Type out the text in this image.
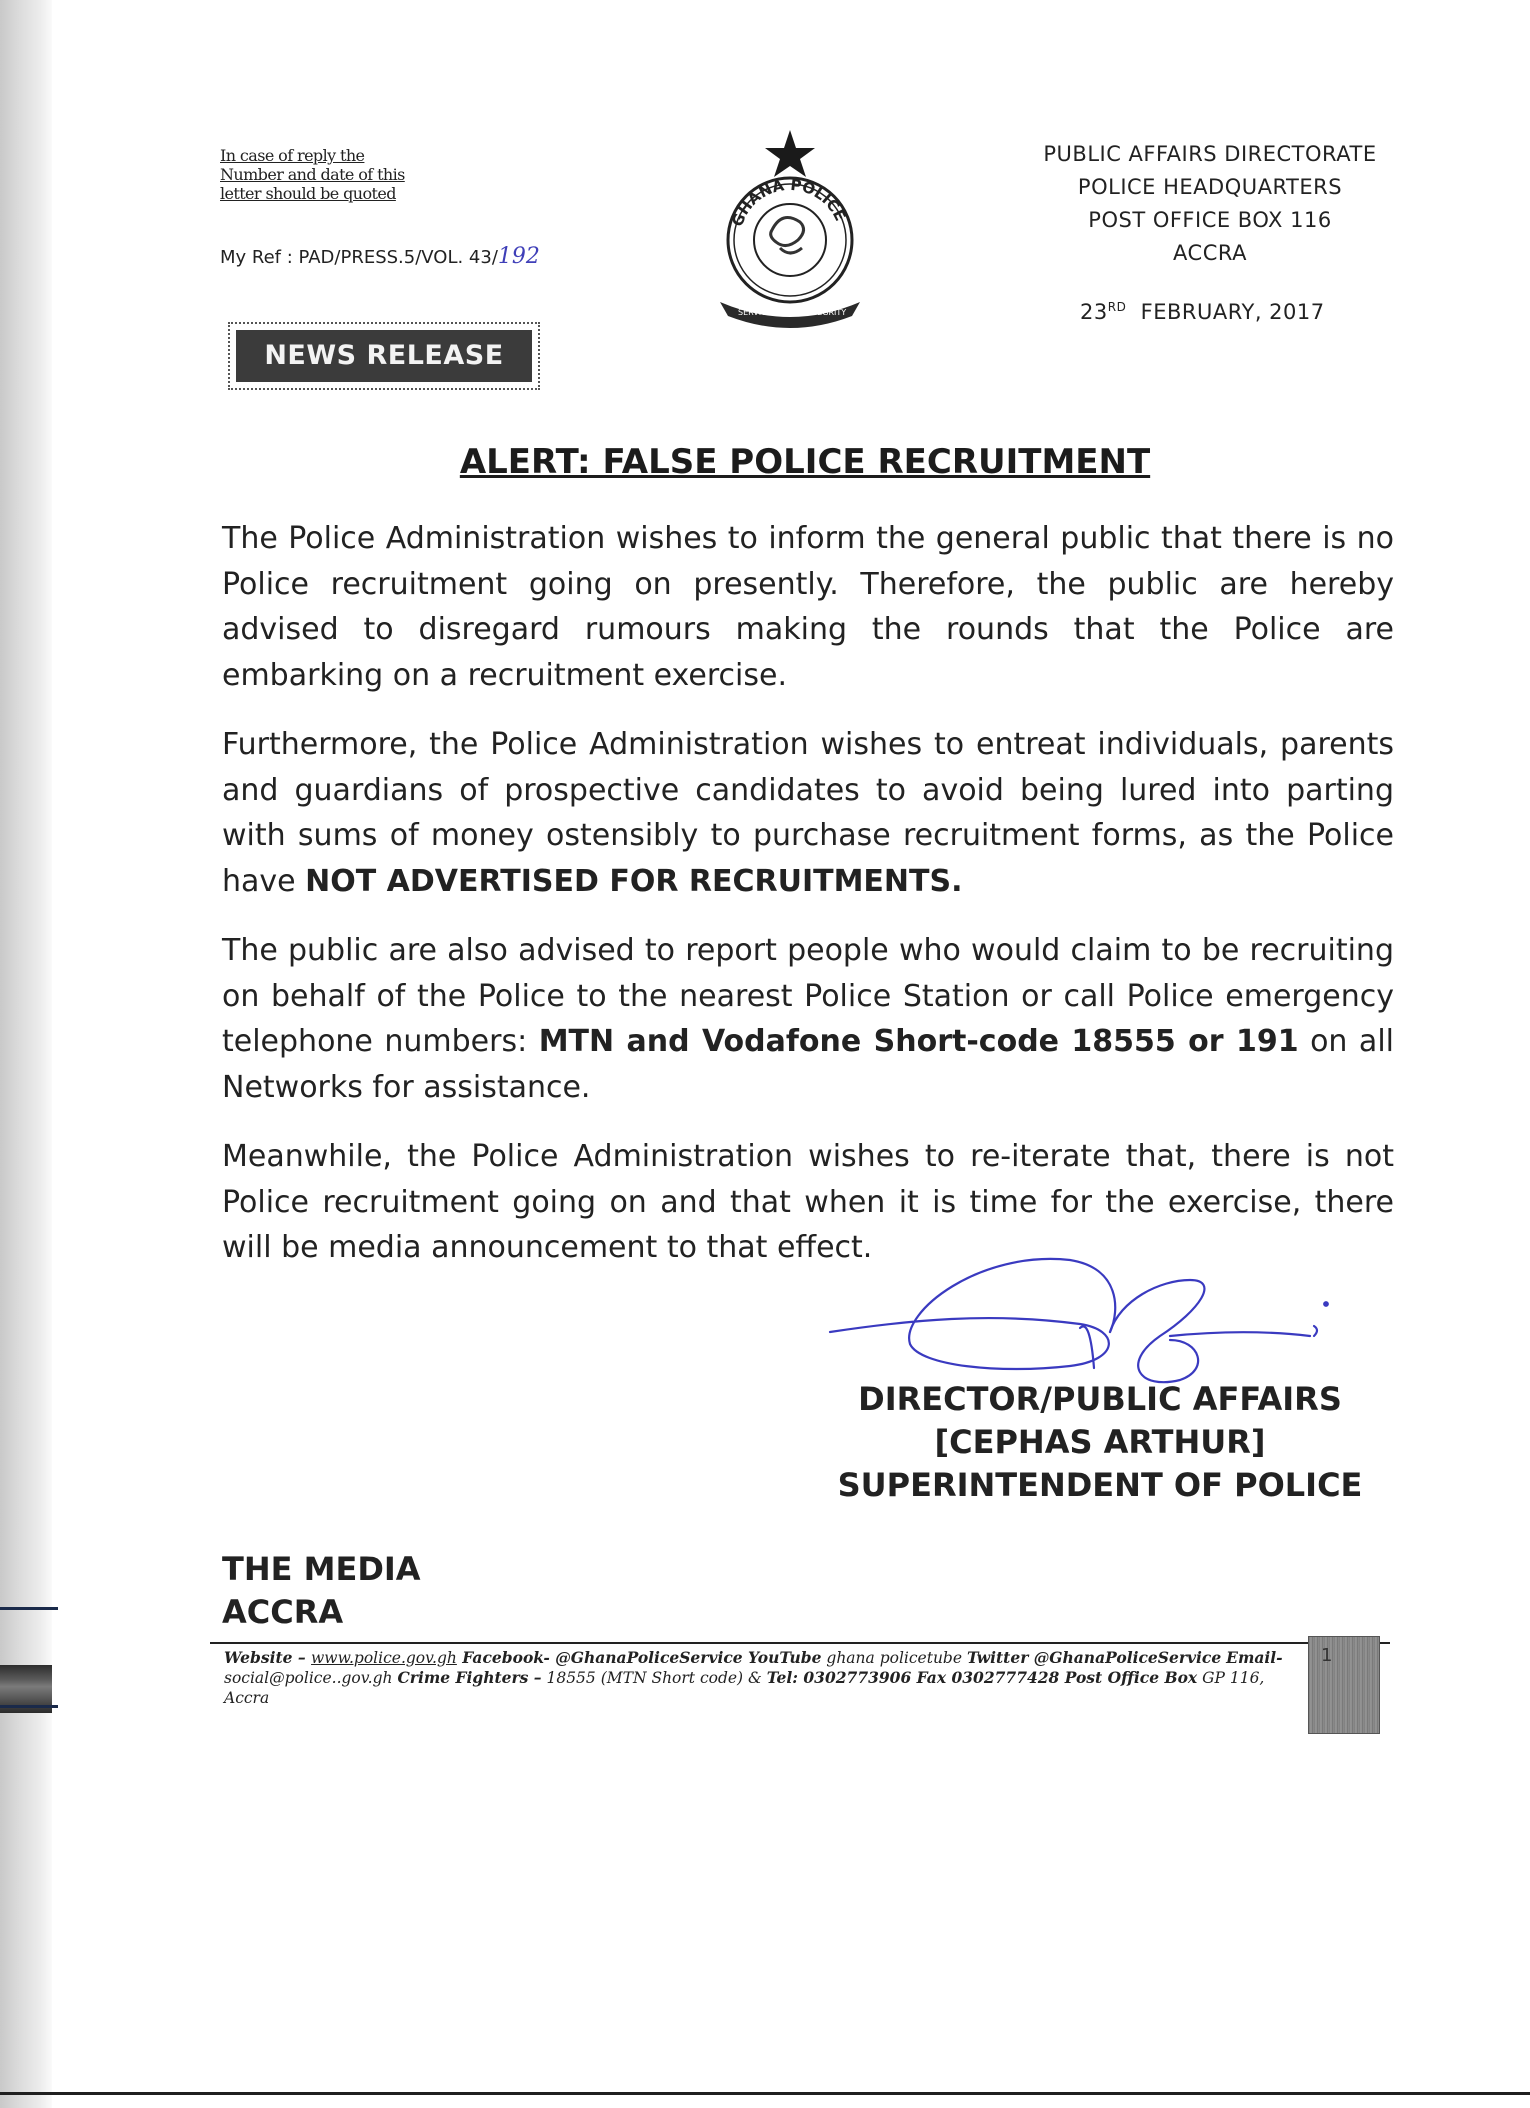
In case of reply the
Number and date of this
letter should be quoted
My Ref : PAD/PRESS.5/VOL. 43/192
GHANA POLICE
SERVICE	INTEGRITY
PUBLIC AFFAIRS DIRECTORATE
POLICE HEADQUARTERS
POST OFFICE BOX 116
ACCRA
23RD FEBRUARY, 2017
NEWS RELEASE
ALERT: FALSE POLICE RECRUITMENT

The Police Administration wishes to inform the general public that there is no Police recruitment going on presently. Therefore, the public are hereby advised to disregard rumours making the rounds that the Police are embarking on a recruitment exercise.

Furthermore, the Police Administration wishes to entreat individuals, parents and guardians of prospective candidates to avoid being lured into parting with sums of money ostensibly to purchase recruitment forms, as the Police have NOT ADVERTISED FOR RECRUITMENTS.

The public are also advised to report people who would claim to be recruiting on behalf of the Police to the nearest Police Station or call Police emergency telephone numbers: MTN and Vodafone Short-code 18555 or 191 on all Networks for assistance.

Meanwhile, the Police Administration wishes to re-iterate that, there is not Police recruitment going on and that when it is time for the exercise, there will be media announcement to that effect.

DIRECTOR/PUBLIC AFFAIRS
[CEPHAS ARTHUR]
SUPERINTENDENT OF POLICE
THE MEDIA
ACCRA
Website – www.police.gov.gh Facebook- @GhanaPoliceService YouTube ghana policetube Twitter @GhanaPoliceService Email- social@police..gov.gh Crime Fighters – 18555 (MTN Short code) & Tel: 0302773906 Fax 0302777428 Post Office Box GP 116, Accra
1
